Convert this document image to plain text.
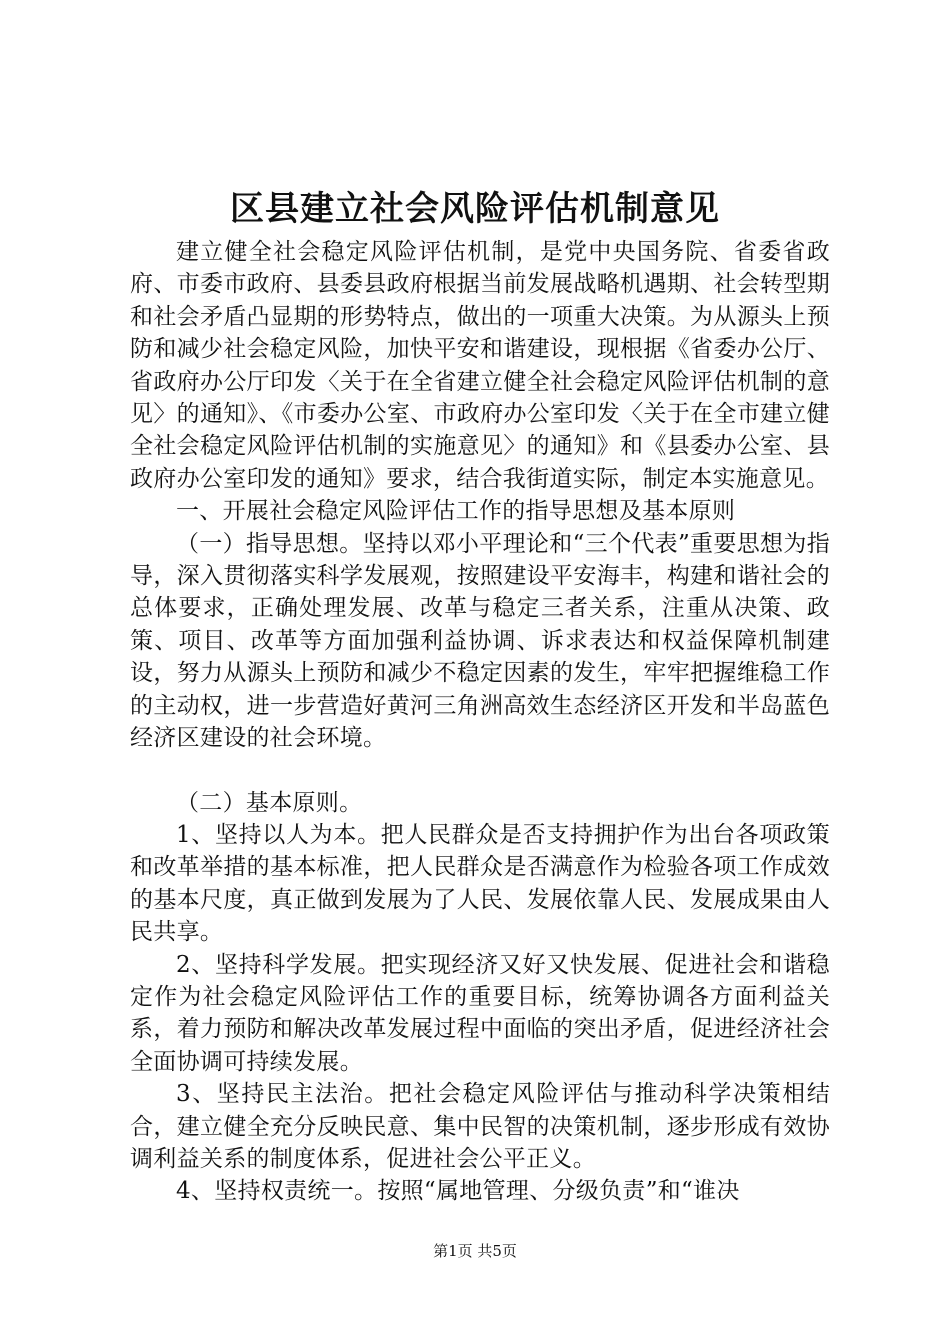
区县建立社会风险评估机制意见

建立健全社会稳定风险评估机制，是党中央国务院、省委省政府、市委市政府、县委县政府根据当前发展战略机遇期、社会转型期和社会矛盾凸显期的形势特点，做出的一项重大决策。为从源头上预防和减少社会稳定风险，加快平安和谐建设，现根据《省委办公厅、省政府办公厅印发〈关于在全省建立健全社会稳定风险评估机制的意见〉的通知》、《市委办公室、市政府办公室印发〈关于在全市建立健全社会稳定风险评估机制的实施意见〉的通知》和《县委办公室、县政府办公室印发的通知》要求，结合我街道实际，制定本实施意见。

一、开展社会稳定风险评估工作的指导思想及基本原则

（一）指导思想。坚持以邓小平理论和“三个代表”重要思想为指导，深入贯彻落实科学发展观，按照建设平安海丰，构建和谐社会的总体要求，正确处理发展、改革与稳定三者关系，注重从决策、政策、项目、改革等方面加强利益协调、诉求表达和权益保障机制建设，努力从源头上预防和减少不稳定因素的发生，牢牢把握维稳工作的主动权，进一步营造好黄河三角洲高效生态经济区开发和半岛蓝色经济区建设的社会环境。

（二）基本原则。

1、坚持以人为本。把人民群众是否支持拥护作为出台各项政策和改革举措的基本标准，把人民群众是否满意作为检验各项工作成效的基本尺度，真正做到发展为了人民、发展依靠人民、发展成果由人民共享。

2、坚持科学发展。把实现经济又好又快发展、促进社会和谐稳定作为社会稳定风险评估工作的重要目标，统筹协调各方面利益关系，着力预防和解决改革发展过程中面临的突出矛盾，促进经济社会全面协调可持续发展。

3、坚持民主法治。把社会稳定风险评估与推动科学决策相结合，建立健全充分反映民意、集中民智的决策机制，逐步形成有效协调利益关系的制度体系，促进社会公平正义。

4、坚持权责统一。按照“属地管理、分级负责”和“谁决

第1页 共5页
